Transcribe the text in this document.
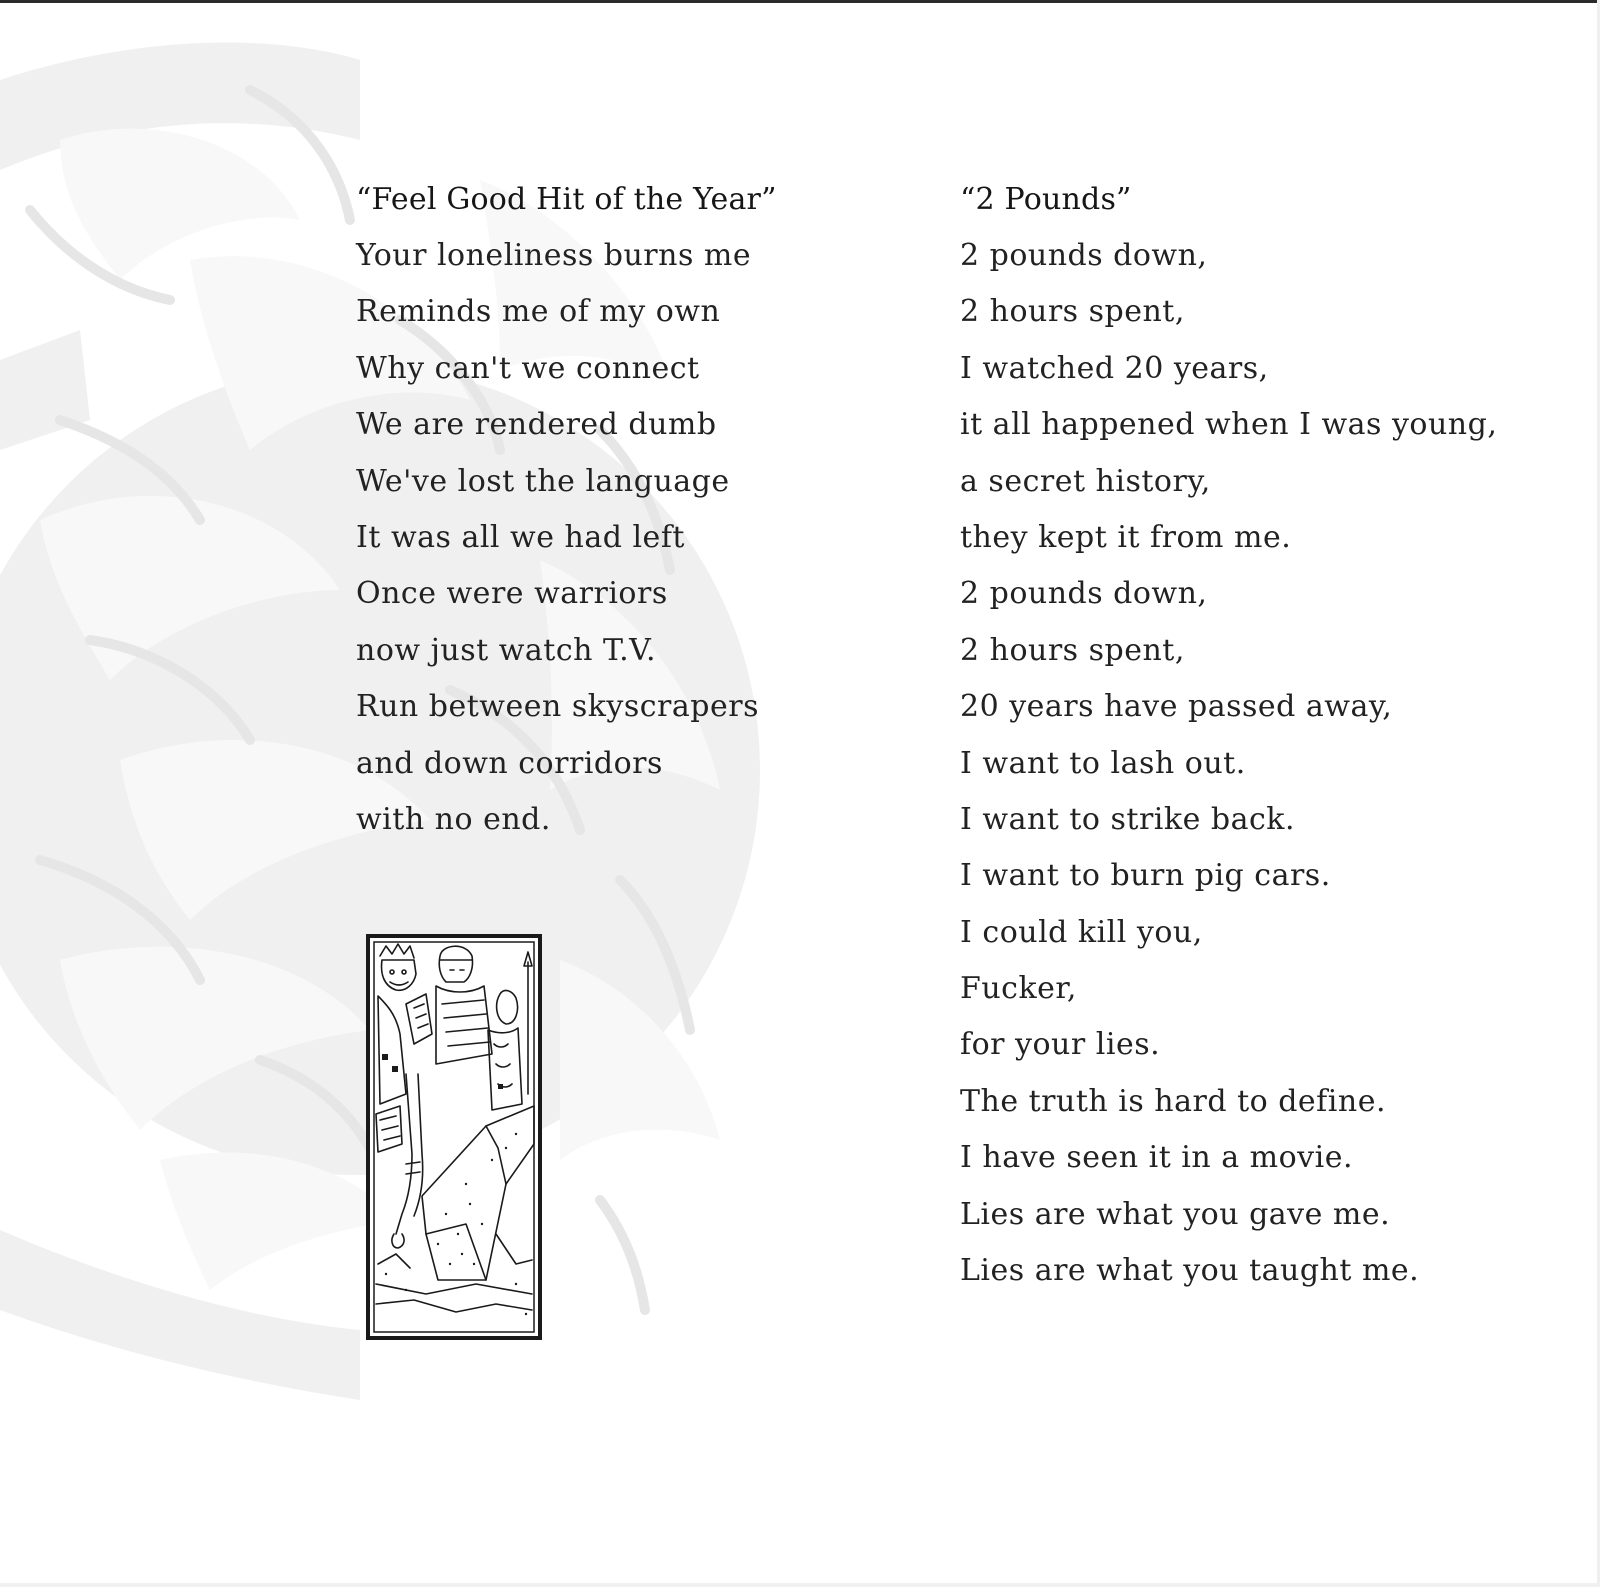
“Feel Good Hit of the Year”
Your loneliness burns me
Reminds me of my own
Why can't we connect
We are rendered dumb
We've lost the language
It was all we had left
Once were warriors
now just watch T.V.
Run between skyscrapers
and down corridors
with no end.
“2 Pounds”
2 pounds down,
2 hours spent,
I watched 20 years,
it all happened when I was young,
a secret history,
they kept it from me.
2 pounds down,
2 hours spent,
20 years have passed away,
I want to lash out.
I want to strike back.
I want to burn pig cars.
I could kill you,
Fucker,
for your lies.
The truth is hard to define.
I have seen it in a movie.
Lies are what you gave me.
Lies are what you taught me.
